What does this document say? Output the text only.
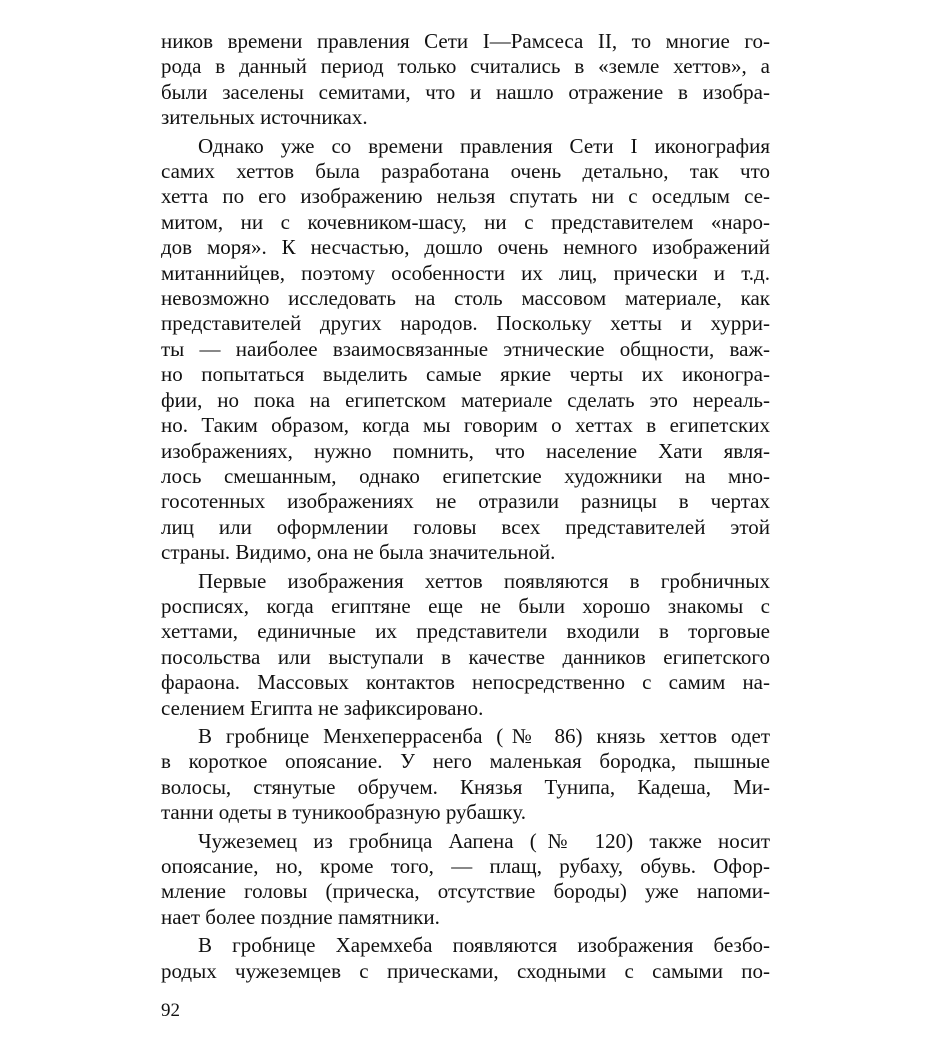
ников времени правления Сети I—Рамсеса II, то многие го-
рода в данный период только считались в «земле хеттов», а
были заселены семитами, что и нашло отражение в изобра-
зительных источниках.

Однако уже со времени правления Сети I иконография
самих хеттов была разработана очень детально, так что
хетта по его изображению нельзя спутать ни с оседлым се-
митом, ни с кочевником-шасу, ни с представителем «наро-
дов моря». К несчастью, дошло очень немного изображений
митаннийцев, поэтому особенности их лиц, прически и т.д.
невозможно исследовать на столь массовом материале, как
представителей других народов. Поскольку хетты и хурри-
ты — наиболее взаимосвязанные этнические общности, важ-
но попытаться выделить самые яркие черты их иконогра-
фии, но пока на египетском материале сделать это нереаль-
но. Таким образом, когда мы говорим о хеттах в египетских
изображениях, нужно помнить, что население Хати явля-
лось смешанным, однако египетские художники на мно-
госотенных изображениях не отразили разницы в чертах
лиц или оформлении головы всех представителей этой
страны. Видимо, она не была значительной.

Первые изображения хеттов появляются в гробничных
росписях, когда египтяне еще не были хорошо знакомы с
хеттами, единичные их представители входили в торговые
посольства или выступали в качестве данников египетского
фараона. Массовых контактов непосредственно с самим на-
селением Египта не зафиксировано.

В гробнице Менхеперрасенба (№ 86) князь хеттов одет
в короткое опоясание. У него маленькая бородка, пышные
волосы, стянутые обручем. Князья Тунипа, Кадеша, Ми-
танни одеты в туникообразную рубашку.

Чужеземец из гробница Аапена (№ 120) также носит
опоясание, но, кроме того, — плащ, рубаху, обувь. Офор-
мление головы (прическа, отсутствие бороды) уже напоми-
нает более поздние памятники.

В гробнице Харемхеба появляются изображения безбо-
родых чужеземцев с прическами, сходными с самыми по-

92
